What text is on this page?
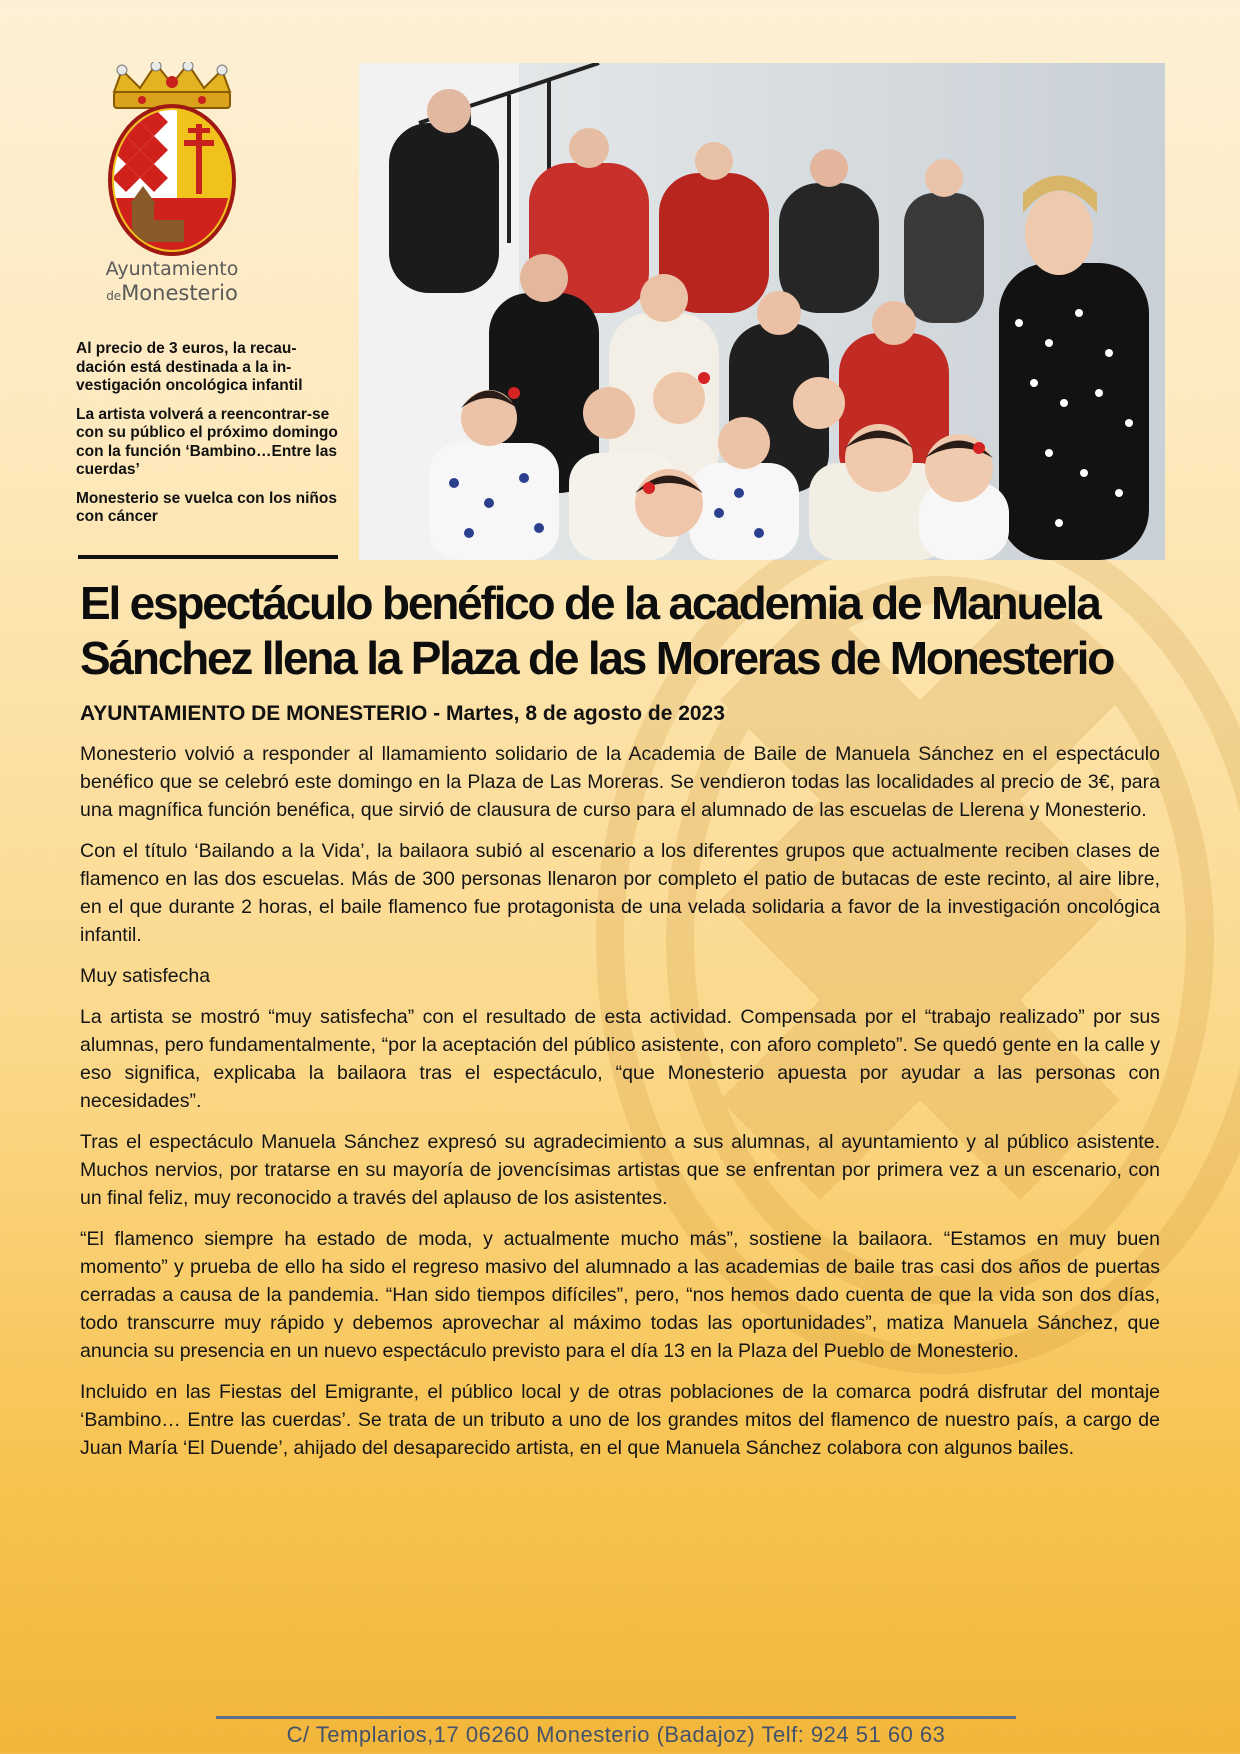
Ayuntamiento
deMonesterio

Al precio de 3 euros, la recau-dación está destinada a la in-vestigación oncológica infantil

La artista volverá a reencontrar-se con su público el próximo domingo con la función ‘Bambino…Entre las cuerdas’

Monesterio se vuelca con los niños con cáncer

El espectáculo benéfico de la academia de Manuela Sánchez llena la Plaza de las Moreras de Monesterio
AYUNTAMIENTO DE MONESTERIO - Martes, 8 de agosto de 2023

Monesterio volvió a responder al llamamiento solidario de la Academia de Baile de Manuela Sánchez en el espectáculo benéfico que se celebró este domingo en la Plaza de Las Moreras. Se vendieron todas las localidades al precio de 3€, para una magnífica función benéfica, que sirvió de clausura de curso para el alumnado de las escuelas de Llerena y Monesterio.

Con el título ‘Bailando a la Vida’, la bailaora subió al escenario a los diferentes grupos que actualmente reciben clases de flamenco en las dos escuelas. Más de 300 personas llenaron por completo el patio de butacas de este recinto, al aire libre, en el que durante 2 horas, el baile flamenco fue protagonista de una velada solidaria a favor de la investigación oncológica infantil.

Muy satisfecha

La artista se mostró “muy satisfecha” con el resultado de esta actividad. Compensada por el “trabajo realizado” por sus alumnas, pero fundamentalmente, “por la aceptación del público asistente, con aforo completo”. Se quedó gente en la calle y eso significa, explicaba la bailaora tras el espectáculo, “que Monesterio apuesta por ayudar a las personas con necesidades”.

Tras el espectáculo Manuela Sánchez expresó su agradecimiento a sus alumnas, al ayuntamiento y al público asistente. Muchos nervios, por tratarse en su mayoría de jovencísimas artistas que se enfrentan por primera vez a un escenario, con un final feliz, muy reconocido a través del aplauso de los asistentes.

“El flamenco siempre ha estado de moda, y actualmente mucho más”, sostiene la bailaora. “Estamos en muy buen momento” y prueba de ello ha sido el regreso masivo del alumnado a las academias de baile tras casi dos años de puertas cerradas a causa de la pandemia. “Han sido tiempos difíciles”, pero, “nos hemos dado cuenta de que la vida son dos días, todo transcurre muy rápido y debemos aprovechar al máximo todas las oportunidades”, matiza Manuela Sánchez, que anuncia su presencia en un nuevo espectáculo previsto para el día 13 en la Plaza del Pueblo de Monesterio.

Incluido en las Fiestas del Emigrante, el público local y de otras poblaciones de la comarca podrá disfrutar del montaje ‘Bambino… Entre las cuerdas’. Se trata de un tributo a uno de los grandes mitos del flamenco de nuestro país, a cargo de Juan María ‘El Duende’, ahijado del desaparecido artista, en el que Manuela Sánchez colabora con algunos bailes.

C/ Templarios,17 06260 Monesterio (Badajoz) Telf: 924 51 60 63
